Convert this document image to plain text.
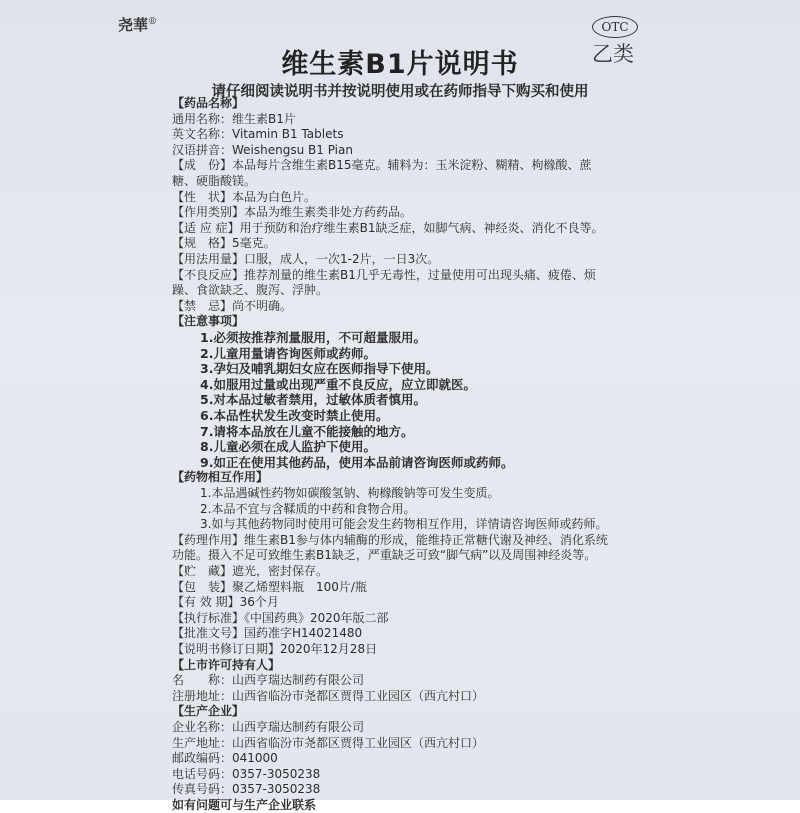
尧華®	OTC
乙类
维生素B1片说明书
请仔细阅读说明书并按说明使用或在药师指导下购买和使用
【药品名称】
通用名称：维生素B1片
英文名称：Vitamin B1 Tablets
汉语拼音：Weishengsu B1 Pian
【成　份】本品每片含维生素B15毫克。辅料为：玉米淀粉、糊精、枸橼酸、蔗
糖、硬脂酸镁。
【性　状】本品为白色片。
【作用类别】本品为维生素类非处方药药品。
【适 应 症】用于预防和治疗维生素B1缺乏症，如脚气病、神经炎、消化不良等。
【规　格】5毫克。
【用法用量】口服，成人，一次1-2片，一日3次。
【不良反应】推荐剂量的维生素B1几乎无毒性，过量使用可出现头痛、疲倦、烦
躁、食欲缺乏、腹泻、浮肿。
【禁　忌】尚不明确。
【注意事项】
1.必须按推荐剂量服用，不可超量服用。
2.儿童用量请咨询医师或药师。
3.孕妇及哺乳期妇女应在医师指导下使用。
4.如服用过量或出现严重不良反应，应立即就医。
5.对本品过敏者禁用，过敏体质者慎用。
6.本品性状发生改变时禁止使用。
7.请将本品放在儿童不能接触的地方。
8.儿童必须在成人监护下使用。
9.如正在使用其他药品，使用本品前请咨询医师或药师。
【药物相互作用】
1.本品遇碱性药物如碳酸氢钠、枸橼酸钠等可发生变质。
2.本品不宜与含鞣质的中药和食物合用。
3.如与其他药物同时使用可能会发生药物相互作用，详情请咨询医师或药师。
【药理作用】维生素B1参与体内辅酶的形成，能维持正常糖代谢及神经、消化系统
功能。摄入不足可致维生素B1缺乏，严重缺乏可致“脚气病”以及周围神经炎等。
【贮　藏】遮光，密封保存。
【包　装】聚乙烯塑料瓶　100片/瓶
【有 效 期】36个月
【执行标准】《中国药典》2020年版二部
【批准文号】国药准字H14021480
【说明书修订日期】2020年12月28日
【上市许可持有人】
名　　称：山西亨瑞达制药有限公司
注册地址：山西省临汾市尧都区贾得工业园区（西亢村口）
【生产企业】
企业名称：山西亨瑞达制药有限公司
生产地址：山西省临汾市尧都区贾得工业园区（西亢村口）
邮政编码：041000
电话号码：0357-3050238
传真号码：0357-3050238
如有问题可与生产企业联系
